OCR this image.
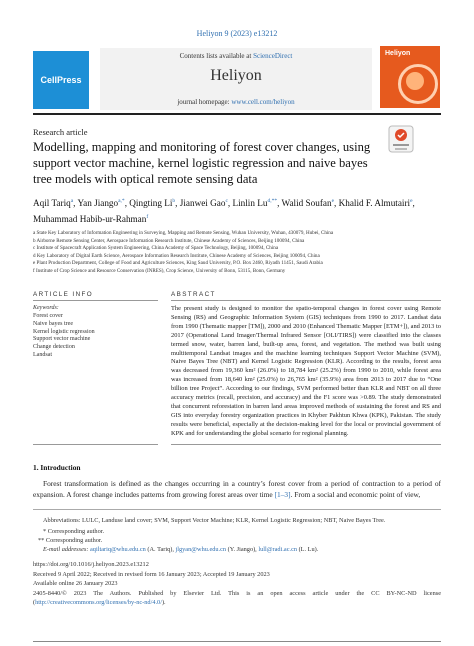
Heliyon 9 (2023) e13212
CellPress
Contents lists available at ScienceDirect
Heliyon
journal homepage: www.cell.com/heliyon
Heliyon
Research article
Modelling, mapping and monitoring of forest cover changes, using support vector machine, kernel logistic regression and naive bayes tree models with optical remote sensing data
Aqil Tariq$^a$, Yan Jiango$^{a,*}$, Qingting Li$^b$, Jianwei Gao$^c$, Linlin $Lu^{d,**}$, Walid Soufan$^e$, Khalid F. Almutairi$^e$, Muhammad Habib-ur-Rahman$^f$
a State Key Laboratory of Information Engineering in Surveying, Mapping and Remote Sensing, Wuhan University, Wuhan, 430079, Hubei, China
b Airborne Remote Sensing Center, Aerospace Information Research Institute, Chinese Academy of Sciences, Beijing 100094, China
c Institute of Spacecraft Application System Engineering, China Academy of Space Technology, Beijing, 100094, China
d Key Laboratory of Digital Earth Science, Aerospace Information Research Institute, Chinese Academy of Sciences, Beijing 100094, China
e Plant Production Department, College of Food and Agriculture Sciences, King Saud University, P.O. Box 2460, Riyadh 11451, Saudi Arabia
f Institute of Crop Science and Resource Conservation (INRES), Crop Science, University of Bonn, 53115, Bonn, Germany
ARTICLE INFO	ABSTRACT
Keywords:
Forest cover
Naive bayes tree
Kernel logistic regression
Support vector machine
Change detection
Landsat
The present study is designed to monitor the spatio-temporal changes in forest cover using Remote Sensing (RS) and Geographic Information System (GIS) techniques from 1990 to 2017. Landsat data from 1990 (Thematic mapper [TM]), 2000 and 2010 (Enhanced Thematic Mapper [ETM+]), and 2013 to 2017 (Operational Land Imager/Thermal Infrared Sensor [OLI/TIRS]) were classified into the classes termed snow, water, barren land, built-up area, forest, and vegetation. The method was built using multitemporal Landsat images and the machine learning techniques Support Vector Machine (SVM), Naive Bayes Tree (NBT) and Kernel Logistic Regression (KLR). According to the results, forest area was decreased from 19,360 km² (26.0%) to 18,784 km² (25.2%) from 1990 to 2010, while forest area was increased from 18,640 km² (25.0%) to 26,765 km² (35.9%) area from 2013 to 2017 due to “One billion tree Project”. According to our findings, SVM performed better than KLR and NBT on all three accuracy metrics (recall, precision, and accuracy) and the F1 score was >0.89. The study demonstrated that concurrent reforestation in barren land areas improved methods of sustaining the forest and RS and GIS into everyday forestry organization practices in Khyber Pakhtun Khwa (KPK), Pakistan. The study results were beneficial, especially at the decision-making level for the local or provincial government of KPK and for understanding the global scenario for regional planning.
1. Introduction
Forest transformation is defined as the changes occurring in a country’s forest cover from a period of contraction to a period of expansion. A forest change includes patterns from growing forest areas over time [1–3]. From a social and economic point of view,
Abbreviations: LULC, Landuse land cover; SVM, Support Vector Machine; KLR, Kernel Logistic Regression; NBT, Naive Bayes Tree.
* Corresponding author.
** Corresponding author.
E-mail addresses: aqiltariq@whu.edu.cn (A. Tariq), jlgyan@whu.edu.cn (Y. Jiango), lull@radi.ac.cn (L. Lu).
https://doi.org/10.1016/j.heliyon.2023.e13212
Received 9 April 2022; Received in revised form 16 January 2023; Accepted 19 January 2023
Available online 26 January 2023
2405-8440/© 2023 The Authors. Published by Elsevier Ltd. This is an open access article under the CC BY-NC-ND license (http://creativecommons.org/licenses/by-nc-nd/4.0/).
